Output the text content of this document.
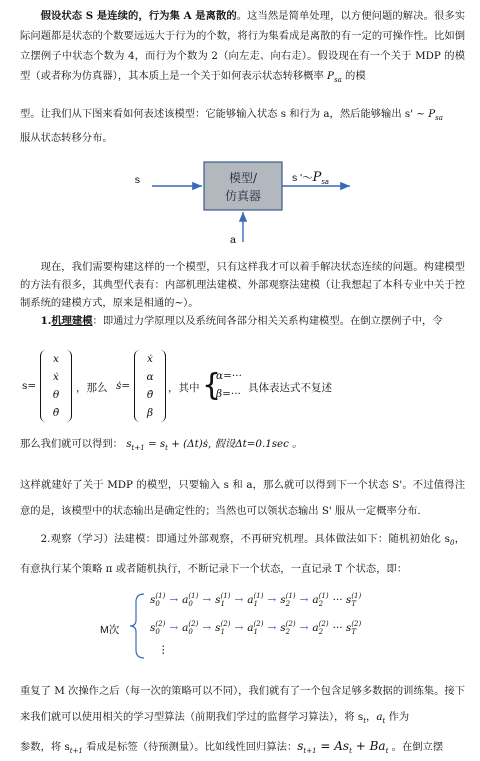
假设状态 S 是连续的，行为集 A 是离散的。这当然是简单处理，以方便问题的解决。很多实际问题都是状态的个数要远远大于行为的个数，将行为集看成是离散的有一定的可操作性。比如倒立摆例子中状态个数为 4，而行为个数为 2（向左走、向右走）。假设现在有一个关于 MDP 的模型（或者称为仿真器），其本质上是一个关于如何表示状态转移概率 $P_{sa}$ 的模
型。让我们从下图来看如何表述该模型：它能够输入状态 s 和行为 a，然后能够输出 s' ~ $P_{sa}$
服从状态转移分布。
模型/
仿真器
s	s '$\sim P_{sa}$
a
现在，我们需要构建这样的一个模型，只有这样我才可以着手解决状态连续的问题。构建模型的方法有很多，其典型代表有：内部机理法建模、外部观察法建模（让我想起了本科专业中关于控制系统的建模方式，原来是相通的~）。
1.机理建模：即通过力学原理以及系统间各部分相关关系构建模型。在倒立摆例子中，令
s=
x
ẋ
θ
θ̇
，那么 ṡ=
ẋ
α
θ̇
β
，其中 {
α=···
β=··· 具体表达式不复述
那么我们就可以得到： $s_{t+1} = s_t$ + (Δt)ṡ, 假设Δt=0.1sec 。
这样就建好了关于 MDP 的模型，只要输入 s 和 a，那么就可以得到下一个状态 S'。不过值得注意的是，该模型中的状态输出是确定性的；当然也可以领状态输出 S' 服从一定概率分布.
2.观察（学习）法建模：即通过外部观察，不再研究机理。具体做法如下：随机初始化 $s_0$，有意执行某个策略 π 或者随机执行，不断记录下一个状态，一直记录 T 个状态，即：
M次
s (1)
0 → a (1)
0 → s (1)
1 → a (1)
1 → s (1)
2 → a (1)
2 ··· s (1)
T
s (2)
0 → a (2)
0 → s (2)
1 → a (2)
1 → s (2)
2 → a (2)
2 ··· s (2)
T
⋮
重复了 M 次操作之后（每一次的策略可以不同），我们就有了一个包含足够多数据的训练集。接下来我们就可以使用相关的学习型算法（前期我们学过的监督学习算法），将 $s_t$，$a_t$ 作为
参数，将 $s_{t+1}$ 看成是标签（待预测量）。比如线性回归算法：$s_{t+1} = As_t + Ba_t$ 。在倒立摆
